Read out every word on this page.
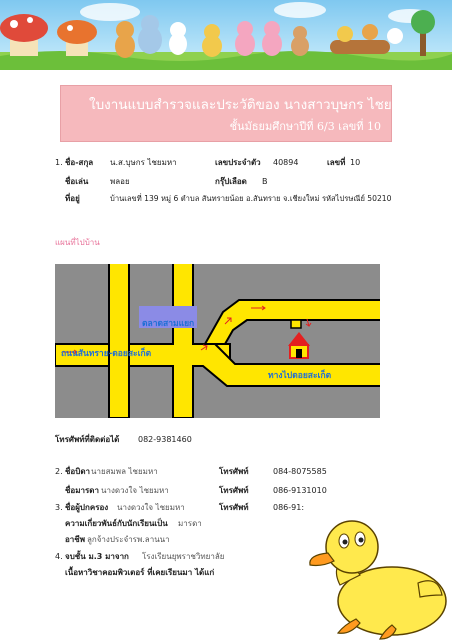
ใบงานแบบสำรวจและประวัติของ นางสาวบุษกร ไชยมหา
ชั้นมัธยมศึกษาปีที่ 6/3 เลขที่ 10
1. ชื่อ-สกุล น.ส.บุษกร ไชยมหา	เลขประจำตัว 40894	เลขที่ 10
ชื่อเล่น	พลอย	กรุ๊ปเลือด B
ที่อยู่	บ้านเลขที่ 139 หมู่ 6 ตำบล สันทรายน้อย อ.สันทราย จ.เชียงใหม่ รหัสไปรษณีย์ 50210
แผนที่ไปบ้าน
ตลาดสามแยก
ถนนสันทราย-ดอยสะเก็ต
ทางไปดอยสะเก็ต
โทรศัพท์ที่ติดต่อได้ 082-9381460
2. ชื่อบิดา นายสมพล ไชยมหา	โทรศัพท์	084-8075585
ชื่อมารดา นางดวงใจ ไชยมหา	โทรศัพท์	086-9131010
3. ชื่อผู้ปกครอง นางดวงใจ ไชยมหา	โทรศัพท์	086-91:
ความเกี่ยวพันธ์กับนักเรียนเป็น มารดา
อาชีพ ลูกจ้างประจำรพ.ลานนา
4. จบชั้น ม.3 มาจาก โรงเรียนยุพราชวิทยาลัย
เนื้อหาวิชาคอมพิวเตอร์ ที่เคยเรียนมา ได้แก่
